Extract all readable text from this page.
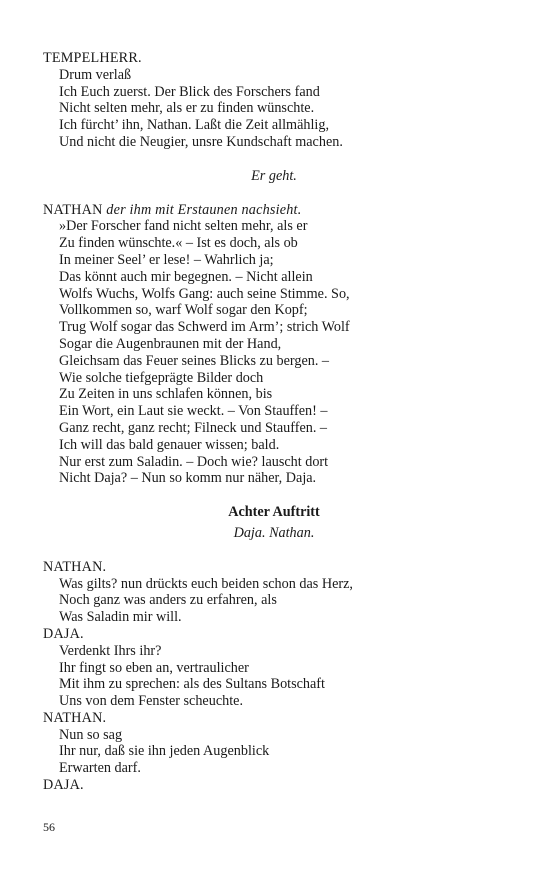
TEMPELHERR.
Drum verlaß
Ich Euch zuerst. Der Blick des Forschers fand
Nicht selten mehr, als er zu finden wünschte.
Ich fürcht’ ihn, Nathan. Laßt die Zeit allmählig,
Und nicht die Neugier, unsre Kundschaft machen.
Er geht.
NATHAN der ihm mit Erstaunen nachsieht.
»Der Forscher fand nicht selten mehr, als er
Zu finden wünschte.« – Ist es doch, als ob
In meiner Seel’ er lese! – Wahrlich ja;
Das könnt auch mir begegnen. – Nicht allein
Wolfs Wuchs, Wolfs Gang: auch seine Stimme. So,
Vollkommen so, warf Wolf sogar den Kopf;
Trug Wolf sogar das Schwerd im Arm’; strich Wolf
Sogar die Augenbraunen mit der Hand,
Gleichsam das Feuer seines Blicks zu bergen. –
Wie solche tiefgeprägte Bilder doch
Zu Zeiten in uns schlafen können, bis
Ein Wort, ein Laut sie weckt. – Von Stauffen! –
Ganz recht, ganz recht; Filneck und Stauffen. –
Ich will das bald genauer wissen; bald.
Nur erst zum Saladin. – Doch wie? lauscht dort
Nicht Daja? – Nun so komm nur näher, Daja.
Achter Auftritt
Daja. Nathan.
NATHAN.
Was gilts? nun drückts euch beiden schon das Herz,
Noch ganz was anders zu erfahren, als
Was Saladin mir will.
DAJA.
Verdenkt Ihrs ihr?
Ihr fingt so eben an, vertraulicher
Mit ihm zu sprechen: als des Sultans Botschaft
Uns von dem Fenster scheuchte.
NATHAN.
Nun so sag
Ihr nur, daß sie ihn jeden Augenblick
Erwarten darf.
DAJA.
56
